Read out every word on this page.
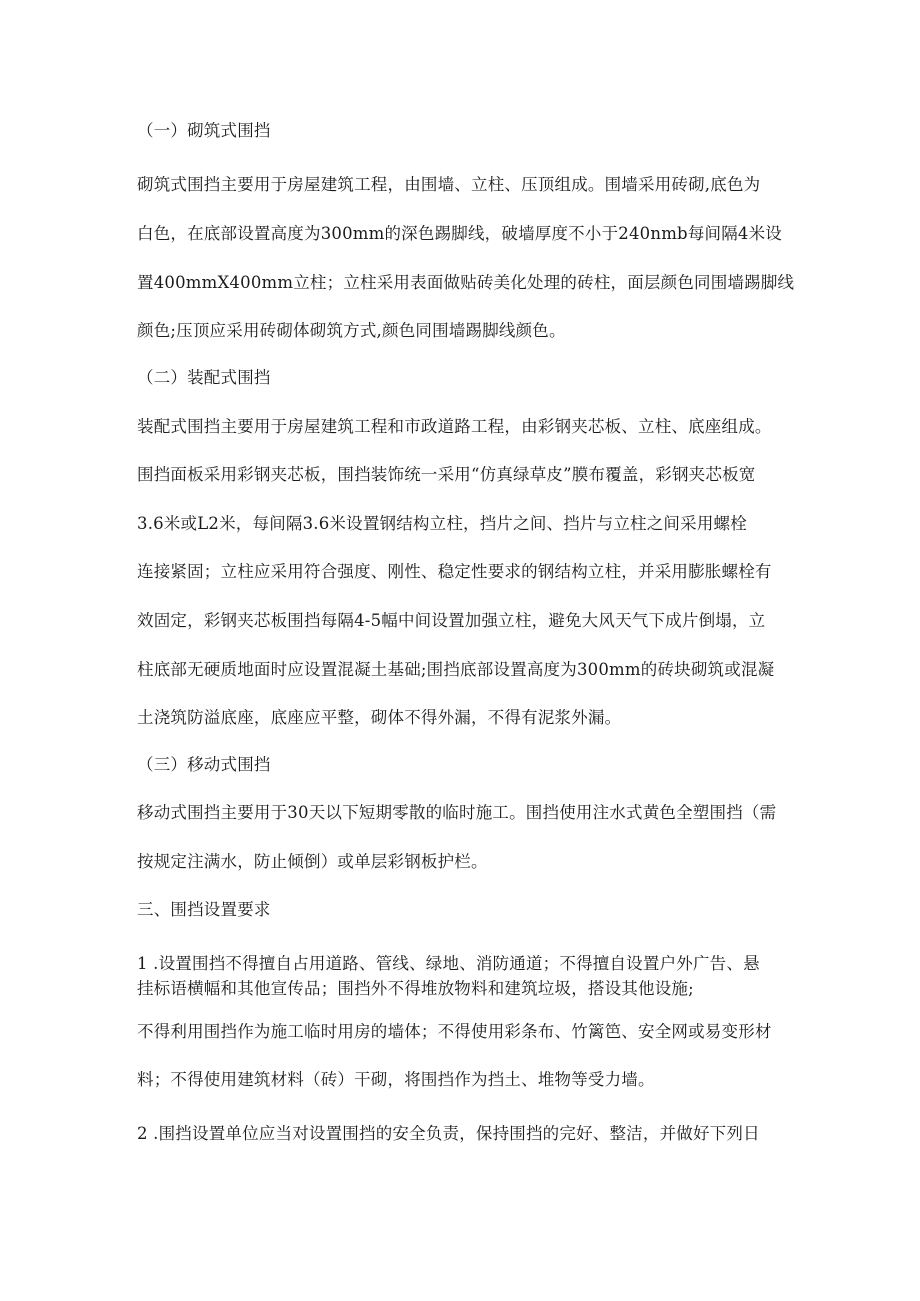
（一）砌筑式围挡
砌筑式围挡主要用于房屋建筑工程，由围墙、立柱、压顶组成。围墙采用砖砌,底色为
白色，在底部设置高度为300mm的深色踢脚线，破墙厚度不小于240nmb每间隔4米设
置400mmX400mm立柱；立柱采用表面做贴砖美化处理的砖柱，面层颜色同围墙踢脚线
颜色;压顶应采用砖砌体砌筑方式,颜色同围墙踢脚线颜色。
（二）装配式围挡
装配式围挡主要用于房屋建筑工程和市政道路工程，由彩钢夹芯板、立柱、底座组成。
围挡面板采用彩钢夹芯板，围挡装饰统一采用“仿真绿草皮”膜布覆盖，彩钢夹芯板宽
3.6米或L2米，每间隔3.6米设置钢结构立柱，挡片之间、挡片与立柱之间采用螺栓
连接紧固；立柱应采用符合强度、刚性、稳定性要求的钢结构立柱，并采用膨胀螺栓有
效固定，彩钢夹芯板围挡每隔4-5幅中间设置加强立柱，避免大风天气下成片倒塌，立
柱底部无硬质地面时应设置混凝土基础;围挡底部设置高度为300mm的砖块砌筑或混凝
土浇筑防溢底座，底座应平整，砌体不得外漏，不得有泥浆外漏。
（三）移动式围挡
移动式围挡主要用于30天以下短期零散的临时施工。围挡使用注水式黄色全塑围挡（需
按规定注满水，防止倾倒）或单层彩钢板护栏。
三、围挡设置要求
1 .设置围挡不得擅自占用道路、管线、绿地、消防通道；不得擅自设置户外广告、悬
挂标语横幅和其他宣传品；围挡外不得堆放物料和建筑垃圾，搭设其他设施;
不得利用围挡作为施工临时用房的墙体；不得使用彩条布、竹篱笆、安全网或易变形材
料；不得使用建筑材料（砖）干砌，将围挡作为挡土、堆物等受力墙。
2 .围挡设置单位应当对设置围挡的安全负责，保持围挡的完好、整洁，并做好下列日
